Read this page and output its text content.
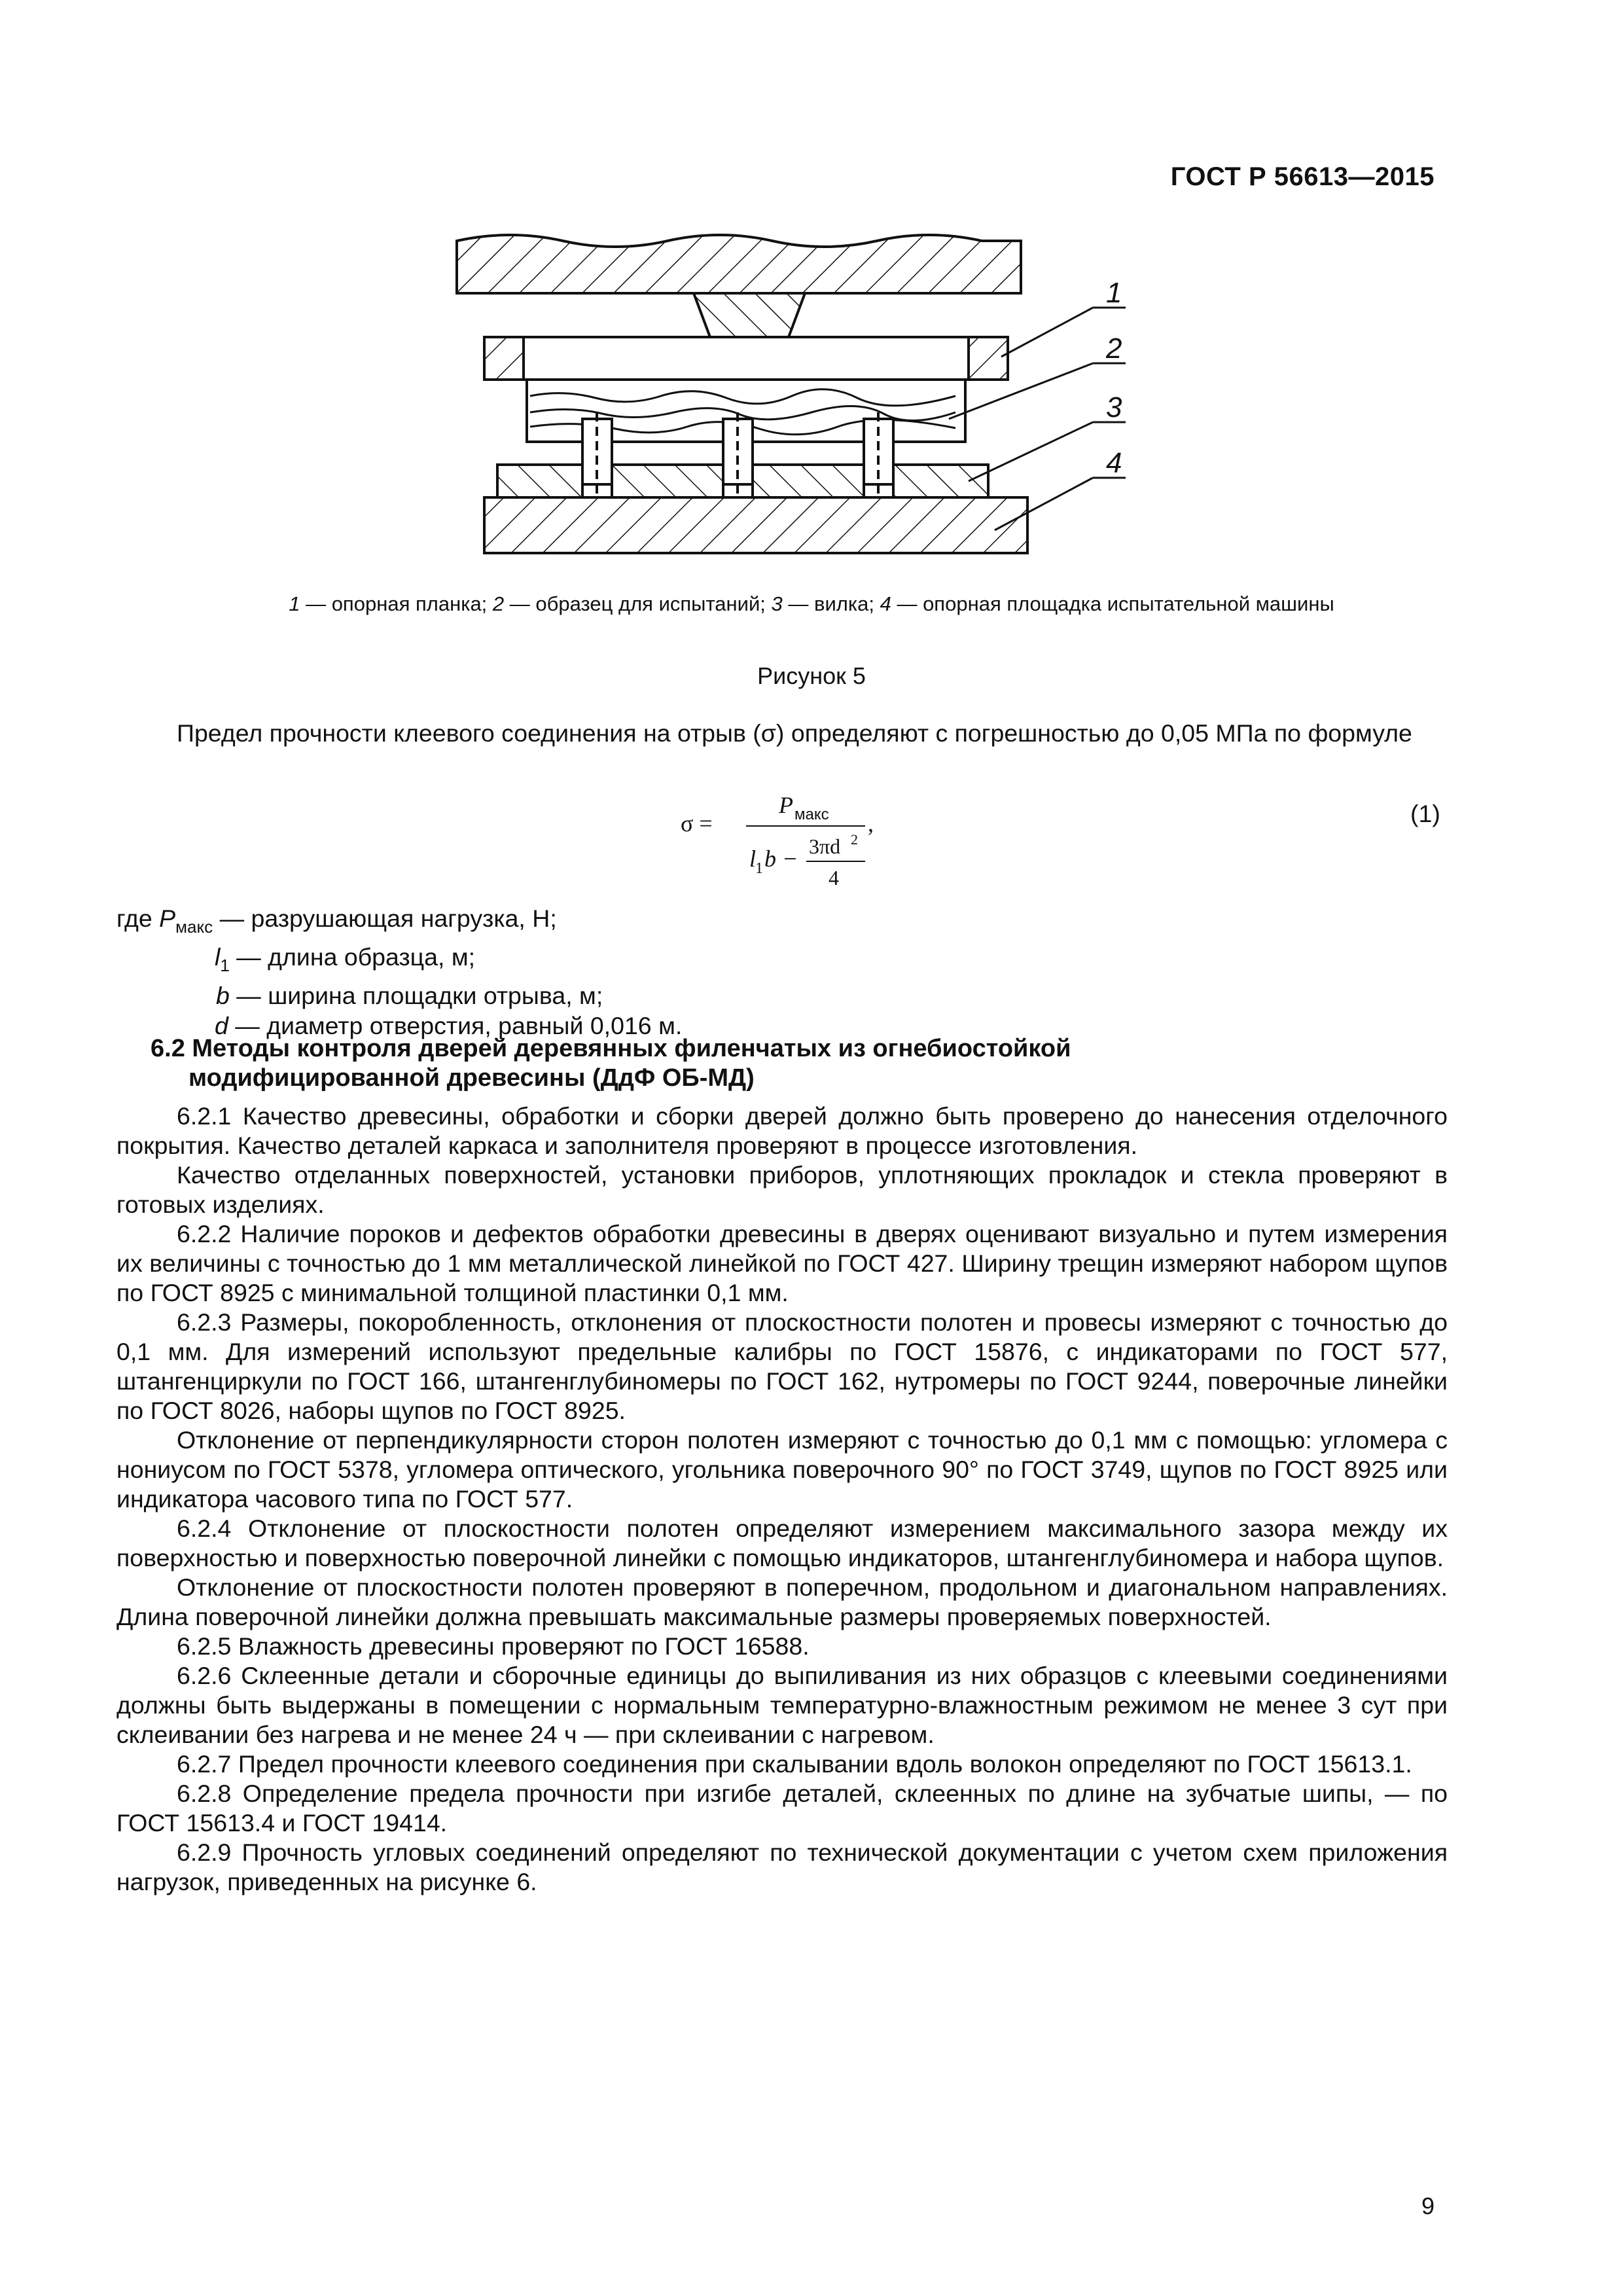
ГОСТ Р 56613—2015
1
2
3
4
1 — опорная планка; 2 — образец для испытаний; 3 — вилка; 4 — опорная площадка испытательной машины
Рисунок 5

Предел прочности клеевого соединения на отрыв (σ) определяют с погрешностью до 0,05 МПа по формуле

σ =
P макс
l
1 b − 3πd 2
4
,	(1)
где $P_{макс}$ — разрушающая нагрузка, Н;
$l_1$ — длина образца, м;
b — ширина площадки отрыва, м;
d — диаметр отверстия, равный 0,016 м.
6.2 Методы контроля дверей деревянных филенчатых из огнебиостойкой
модифицированной древесины (ДдФ ОБ-МД)

6.2.1 Качество древесины, обработки и сборки дверей должно быть проверено до нанесения отделочного покрытия. Качество деталей каркаса и заполнителя проверяют в процессе изготовления.

Качество отделанных поверхностей, установки приборов, уплотняющих прокладок и стекла проверяют в готовых изделиях.

6.2.2 Наличие пороков и дефектов обработки древесины в дверях оценивают визуально и путем измерения их величины с точностью до 1 мм металлической линейкой по ГОСТ 427. Ширину трещин измеряют набором щупов по ГОСТ 8925 с минимальной толщиной пластинки 0,1 мм.

6.2.3 Размеры, покоробленность, отклонения от плоскостности полотен и провесы измеряют с точностью до 0,1 мм. Для измерений используют предельные калибры по ГОСТ 15876, с индикаторами по ГОСТ 577, штангенциркули по ГОСТ 166, штангенглубиномеры по ГОСТ 162, нутромеры по ГОСТ 9244, поверочные линейки по ГОСТ 8026, наборы щупов по ГОСТ 8925.

Отклонение от перпендикулярности сторон полотен измеряют с точностью до 0,1 мм с помощью: угломера с нониусом по ГОСТ 5378, угломера оптического, угольника поверочного 90° по ГОСТ 3749, щупов по ГОСТ 8925 или индикатора часового типа по ГОСТ 577.

6.2.4 Отклонение от плоскостности полотен определяют измерением максимального зазора между их поверхностью и поверхностью поверочной линейки с помощью индикаторов, штангенглубиномера и набора щупов.

Отклонение от плоскостности полотен проверяют в поперечном, продольном и диагональном направлениях. Длина поверочной линейки должна превышать максимальные размеры проверяемых поверхностей.

6.2.5 Влажность древесины проверяют по ГОСТ 16588.

6.2.6 Склеенные детали и сборочные единицы до выпиливания из них образцов с клеевыми соединениями должны быть выдержаны в помещении с нормальным температурно-влажностным режимом не менее 3 сут при склеивании без нагрева и не менее 24 ч — при склеивании с нагревом.

6.2.7 Предел прочности клеевого соединения при скалывании вдоль волокон определяют по ГОСТ 15613.1.

6.2.8 Определение предела прочности при изгибе деталей, склеенных по длине на зубчатые шипы, — по ГОСТ 15613.4 и ГОСТ 19414.

6.2.9 Прочность угловых соединений определяют по технической документации с учетом схем приложения нагрузок, приведенных на рисунке 6.

9
